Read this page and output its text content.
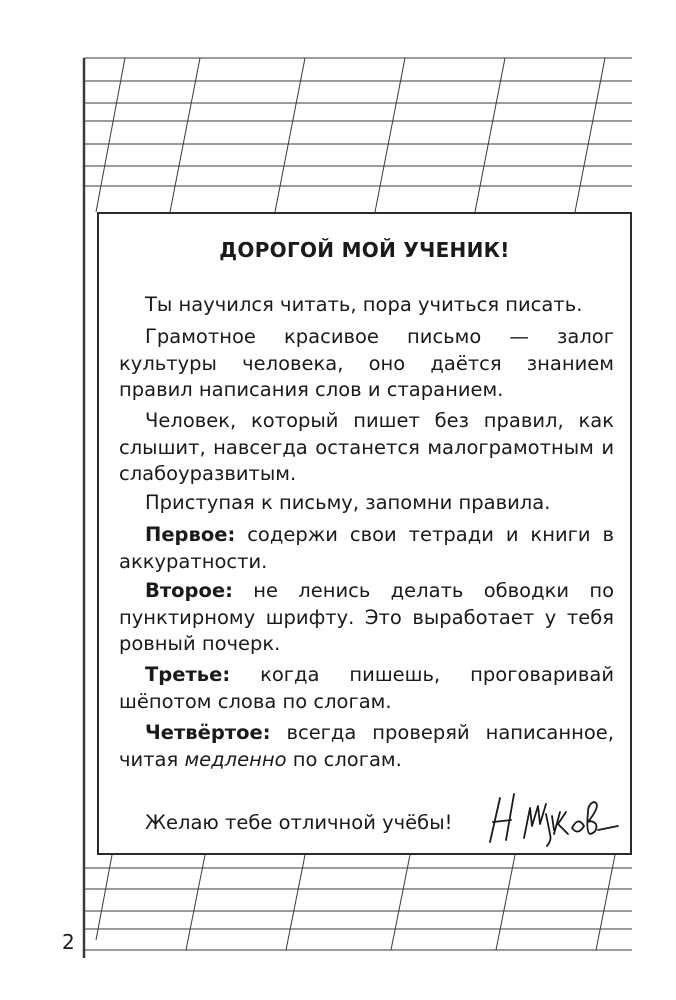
ДОРОГОЙ МОЙ УЧЕНИК!

Ты научился читать, пора учиться писать.

Грамотное красивое письмо — залог культуры человека, оно даётся знанием правил написания слов и старанием.

Человек, который пишет без правил, как слышит, навсегда останется малограмотным и слабоуразвитым.

Приступая к письму, запомни правила.

Первое: содержи свои тетради и книги в аккуратности.

Второе: не ленись делать обводки по пунктирному шрифту. Это выработает у тебя ровный почерк.

Третье: когда пишешь, проговаривай шёпотом слова по слогам.

Четвёртое: всегда проверяй написанное, читая медленно по слогам.

Желаю тебе отличной учёбы!
2
